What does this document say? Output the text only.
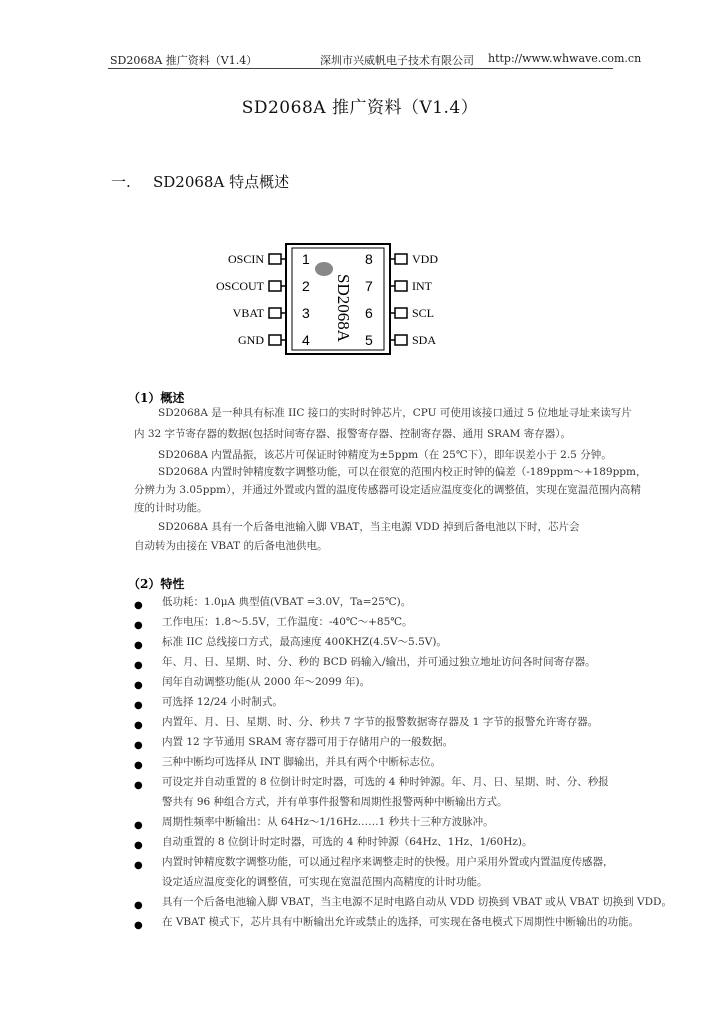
SD2068A 推广资料（V1.4）	深圳市兴威帆电子技术有限公司 http://www.whwave.com.cn
SD2068A 推广资料（V1.4）
一. SD2068A 特点概述
OSCIN
OSCOUT
VBAT
GND
1
2
3
4
8
7
6
5
VDD
INT
SCL
SDA
SD2068A
（1）概述
SD2068A 是一种具有标准 IIC 接口的实时时钟芯片，CPU 可使用该接口通过 5 位地址寻址来读写片
内 32 字节寄存器的数据(包括时间寄存器、报警寄存器、控制寄存器、通用 SRAM 寄存器）。
SD2068A 内置晶振，该芯片可保证时钟精度为±5ppm（在 25℃下），即年误差小于 2.5 分钟。
SD2068A 内置时钟精度数字调整功能，可以在很宽的范围内校正时钟的偏差（-189ppm～+189ppm，
分辨力为 3.05ppm），并通过外置或内置的温度传感器可设定适应温度变化的调整值，实现在宽温范围内高精
度的计时功能。
SD2068A 具有一个后备电池输入脚 VBAT，当主电源 VDD 掉到后备电池以下时，芯片会
自动转为由接在 VBAT 的后备电池供电。
（2）特性
● 低功耗：1.0μA 典型值(VBAT =3.0V，Ta=25℃)。
● 工作电压：1.8～5.5V，工作温度：-40℃～+85℃。
● 标准 IIC 总线接口方式，最高速度 400KHZ(4.5V～5.5V)。
● 年、月、日、星期、时、分、秒的 BCD 码输入/输出，并可通过独立地址访问各时间寄存器。
● 闰年自动调整功能(从 2000 年～2099 年)。
● 可选择 12/24 小时制式。
● 内置年、月、日、星期、时、分、秒共 7 字节的报警数据寄存器及 1 字节的报警允许寄存器。
● 内置 12 字节通用 SRAM 寄存器可用于存储用户的一般数据。
● 三种中断均可选择从 INT 脚输出，并具有两个中断标志位。
● 可设定并自动重置的 8 位倒计时定时器，可选的 4 种时钟源。年、月、日、星期、时、分、秒报警共有 96 种组合方式，并有单事件报警和周期性报警两种中断输出方式。
● 周期性频率中断输出：从 64Hz～1/16Hz……1 秒共十三种方波脉冲。
● 自动重置的 8 位倒计时定时器，可选的 4 种时钟源（64Hz、1Hz、1/60Hz)。
● 内置时钟精度数字调整功能，可以通过程序来调整走时的快慢。用户采用外置或内置温度传感器，设定适应温度变化的调整值，可实现在宽温范围内高精度的计时功能。
● 具有一个后备电池输入脚 VBAT，当主电源不足时电路自动从 VDD 切换到 VBAT 或从 VBAT 切换到 VDD。
● 在 VBAT 模式下，芯片具有中断输出允许或禁止的选择，可实现在备电模式下周期性中断输出的功能。
